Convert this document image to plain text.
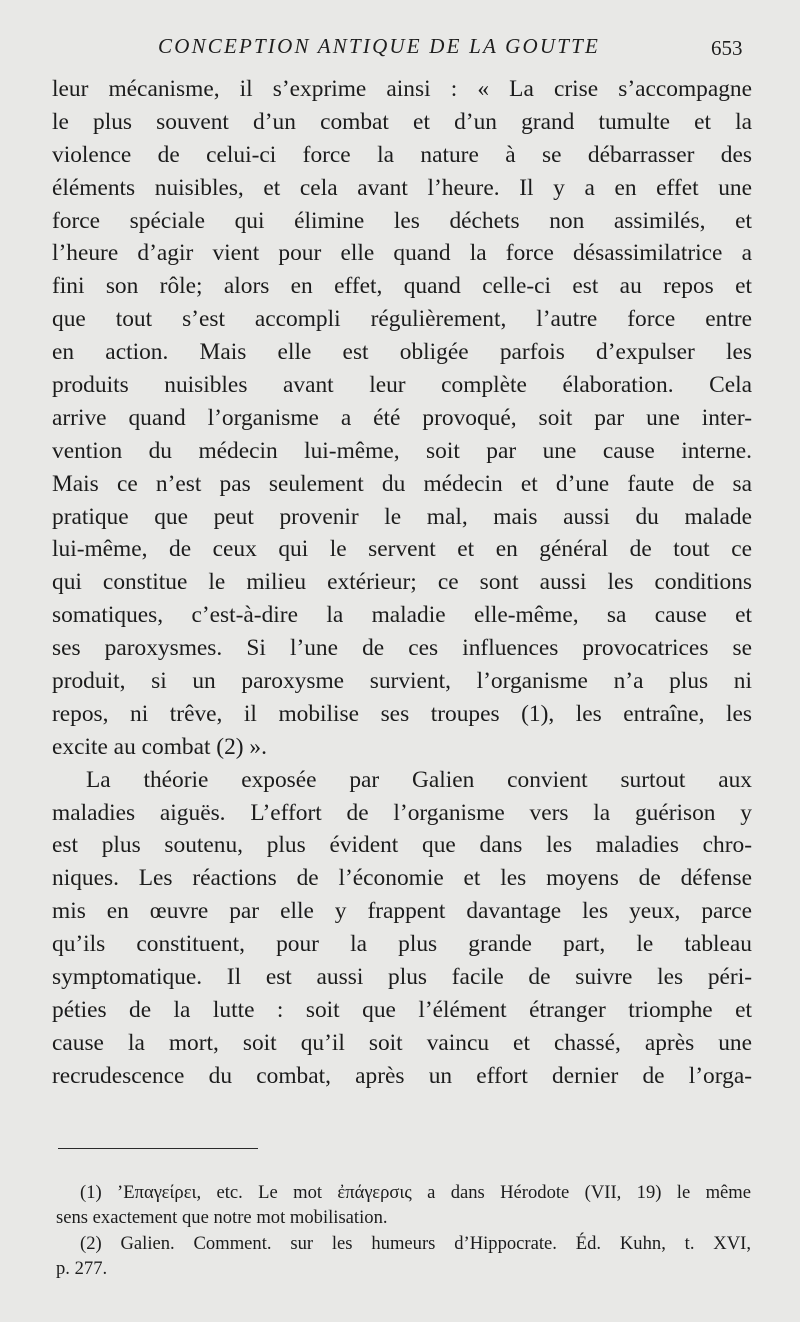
CONCEPTION ANTIQUE DE LA GOUTTE	653
leur mécanisme, il s’exprime ainsi : « La crise s’accompagne
le plus souvent d’un combat et d’un grand tumulte et la
violence de celui-ci force la nature à se débarrasser des
éléments nuisibles, et cela avant l’heure. Il y a en effet une
force spéciale qui élimine les déchets non assimilés, et
l’heure d’agir vient pour elle quand la force désassimilatrice a
fini son rôle; alors en effet, quand celle-ci est au repos et
que tout s’est accompli régulièrement, l’autre force entre
en action. Mais elle est obligée parfois d’expulser les
produits nuisibles avant leur complète élaboration. Cela
arrive quand l’organisme a été provoqué, soit par une inter-
vention du médecin lui-même, soit par une cause interne.
Mais ce n’est pas seulement du médecin et d’une faute de sa
pratique que peut provenir le mal, mais aussi du malade
lui-même, de ceux qui le servent et en général de tout ce
qui constitue le milieu extérieur; ce sont aussi les conditions
somatiques, c’est-à-dire la maladie elle-même, sa cause et
ses paroxysmes. Si l’une de ces influences provocatrices se
produit, si un paroxysme survient, l’organisme n’a plus ni
repos, ni trêve, il mobilise ses troupes (1), les entraîne, les
excite au combat (2) ».
La théorie exposée par Galien convient surtout aux
maladies aiguës. L’effort de l’organisme vers la guérison y
est plus soutenu, plus évident que dans les maladies chro-
niques. Les réactions de l’économie et les moyens de défense
mis en œuvre par elle y frappent davantage les yeux, parce
qu’ils constituent, pour la plus grande part, le tableau
symptomatique. Il est aussi plus facile de suivre les péri-
péties de la lutte : soit que l’élément étranger triomphe et
cause la mort, soit qu’il soit vaincu et chassé, après une
recrudescence du combat, après un effort dernier de l’orga-
(1) ’Επαγείρει, etc. Le mot ἐπάγερσις a dans Hérodote (VII, 19) le même
sens exactement que notre mot mobilisation.
(2) Galien. Comment. sur les humeurs d’Hippocrate. Éd. Kuhn, t. XVI,
p. 277.
